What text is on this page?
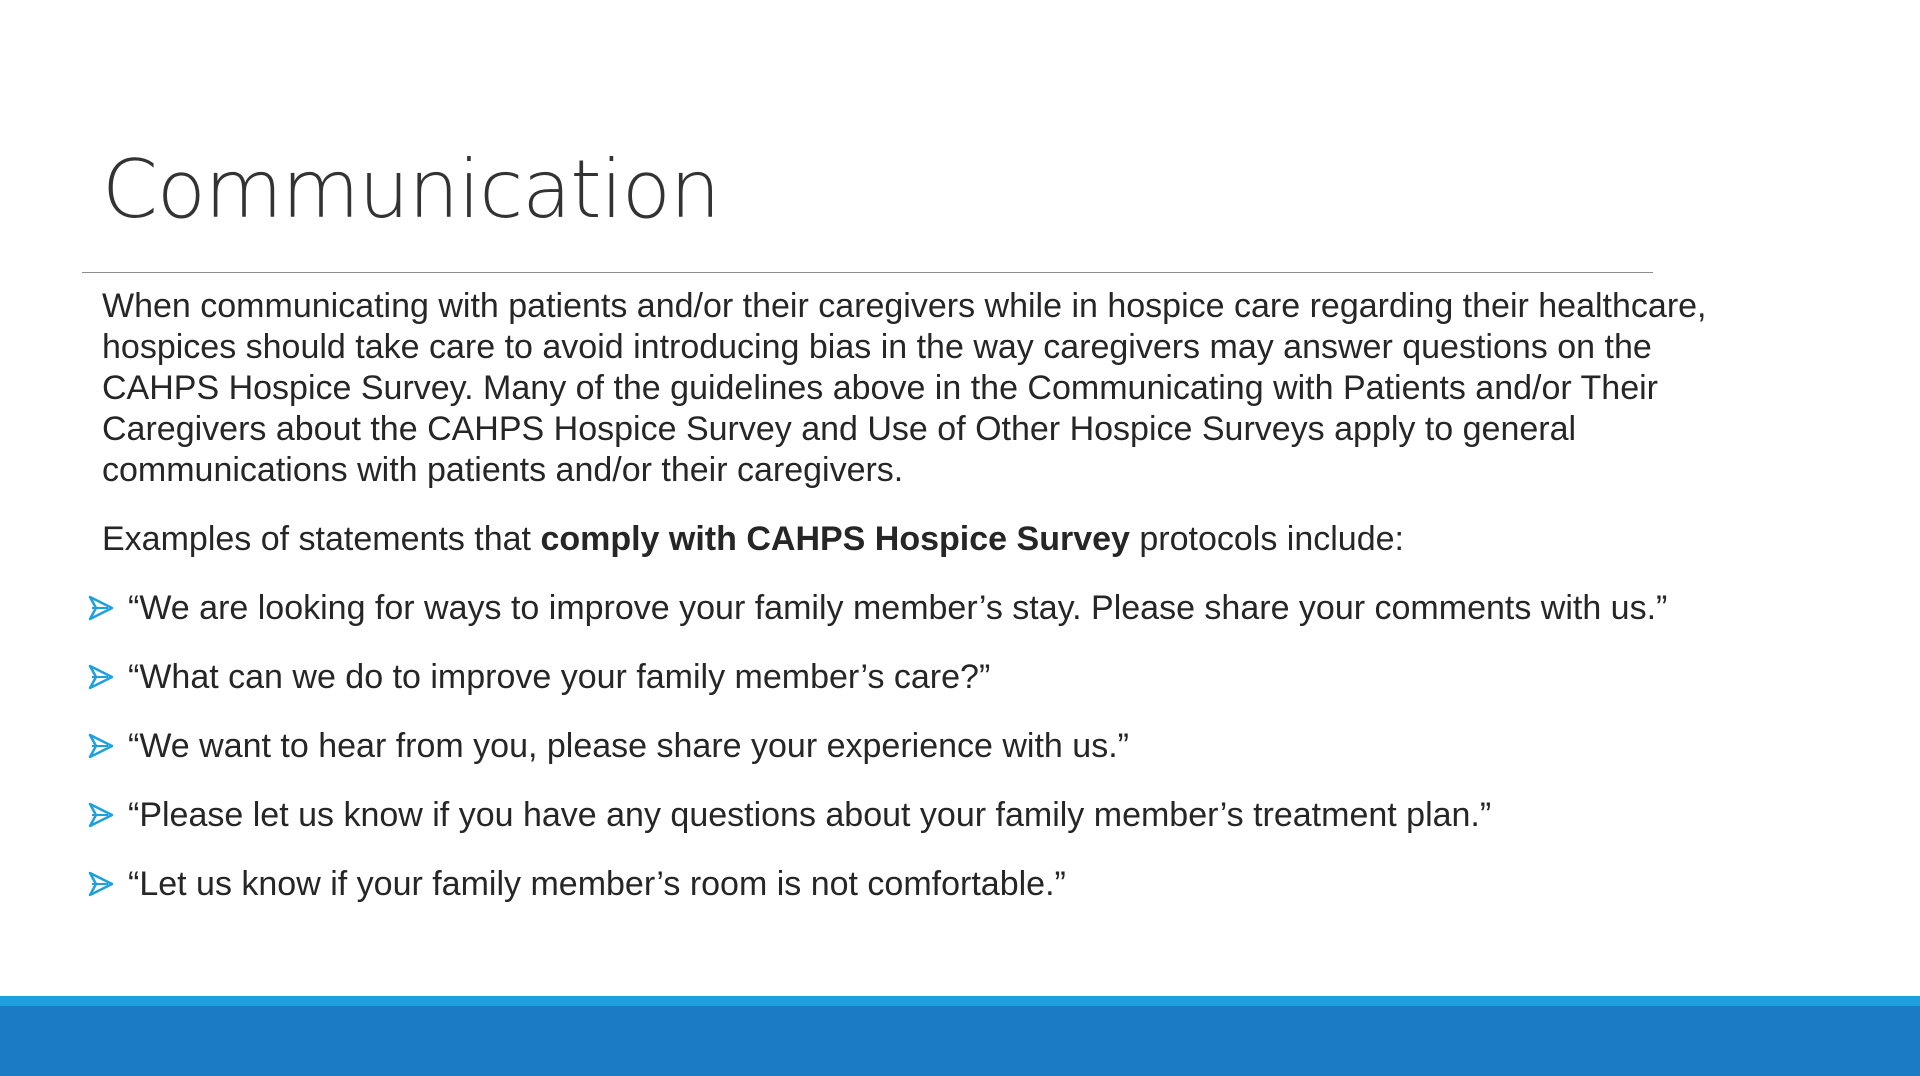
Communication

When communicating with patients and/or their caregivers while in hospice care regarding their healthcare, hospices should take care to avoid introducing bias in the way caregivers may answer questions on the CAHPS Hospice Survey. Many of the guidelines above in the Communicating with Patients and/or Their Caregivers about the CAHPS Hospice Survey and Use of Other Hospice Surveys apply to general communications with patients and/or their caregivers.

Examples of statements that comply with CAHPS Hospice Survey protocols include:

“We are looking for ways to improve your family member’s stay. Please share your comments with us.”
“What can we do to improve your family member’s care?”
“We want to hear from you, please share your experience with us.”
“Please let us know if you have any questions about your family member’s treatment plan.”
“Let us know if your family member’s room is not comfortable.”
